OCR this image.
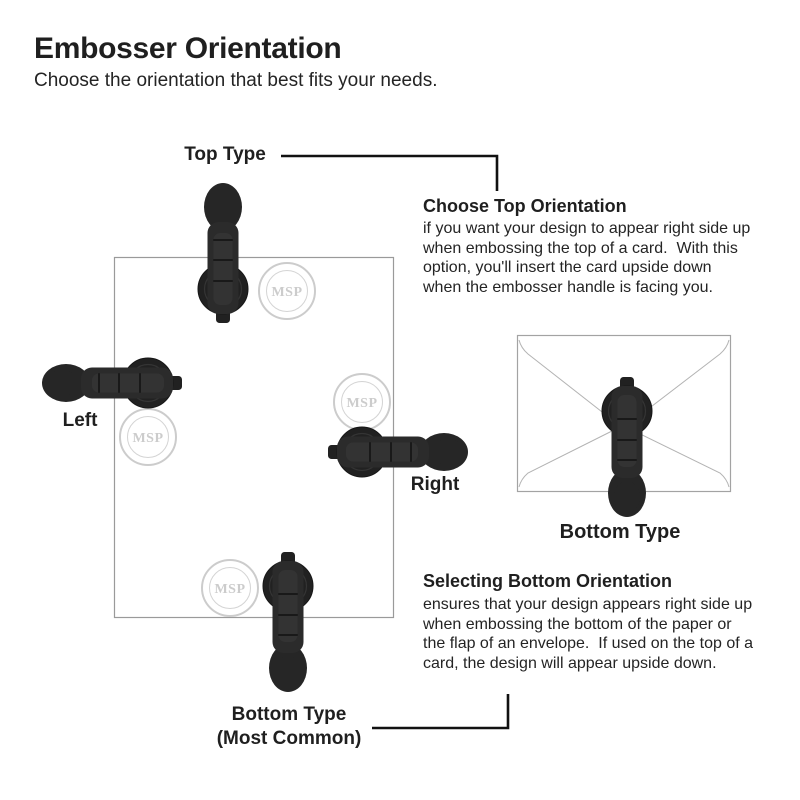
MSP
MSP
MSP
MSP
Embosser Orientation
Choose the orientation that best fits your needs.
Top Type
Left
Right
Bottom Type
(Most Common)
Bottom Type
Choose Top Orientation
if you want your design to appear right side up
when embossing the top of a card.  With this
option, you'll insert the card upside down
when the embosser handle is facing you.
Selecting Bottom Orientation
ensures that your design appears right side up
when embossing the bottom of the paper or
the flap of an envelope.  If used on the top of a
card, the design will appear upside down.
